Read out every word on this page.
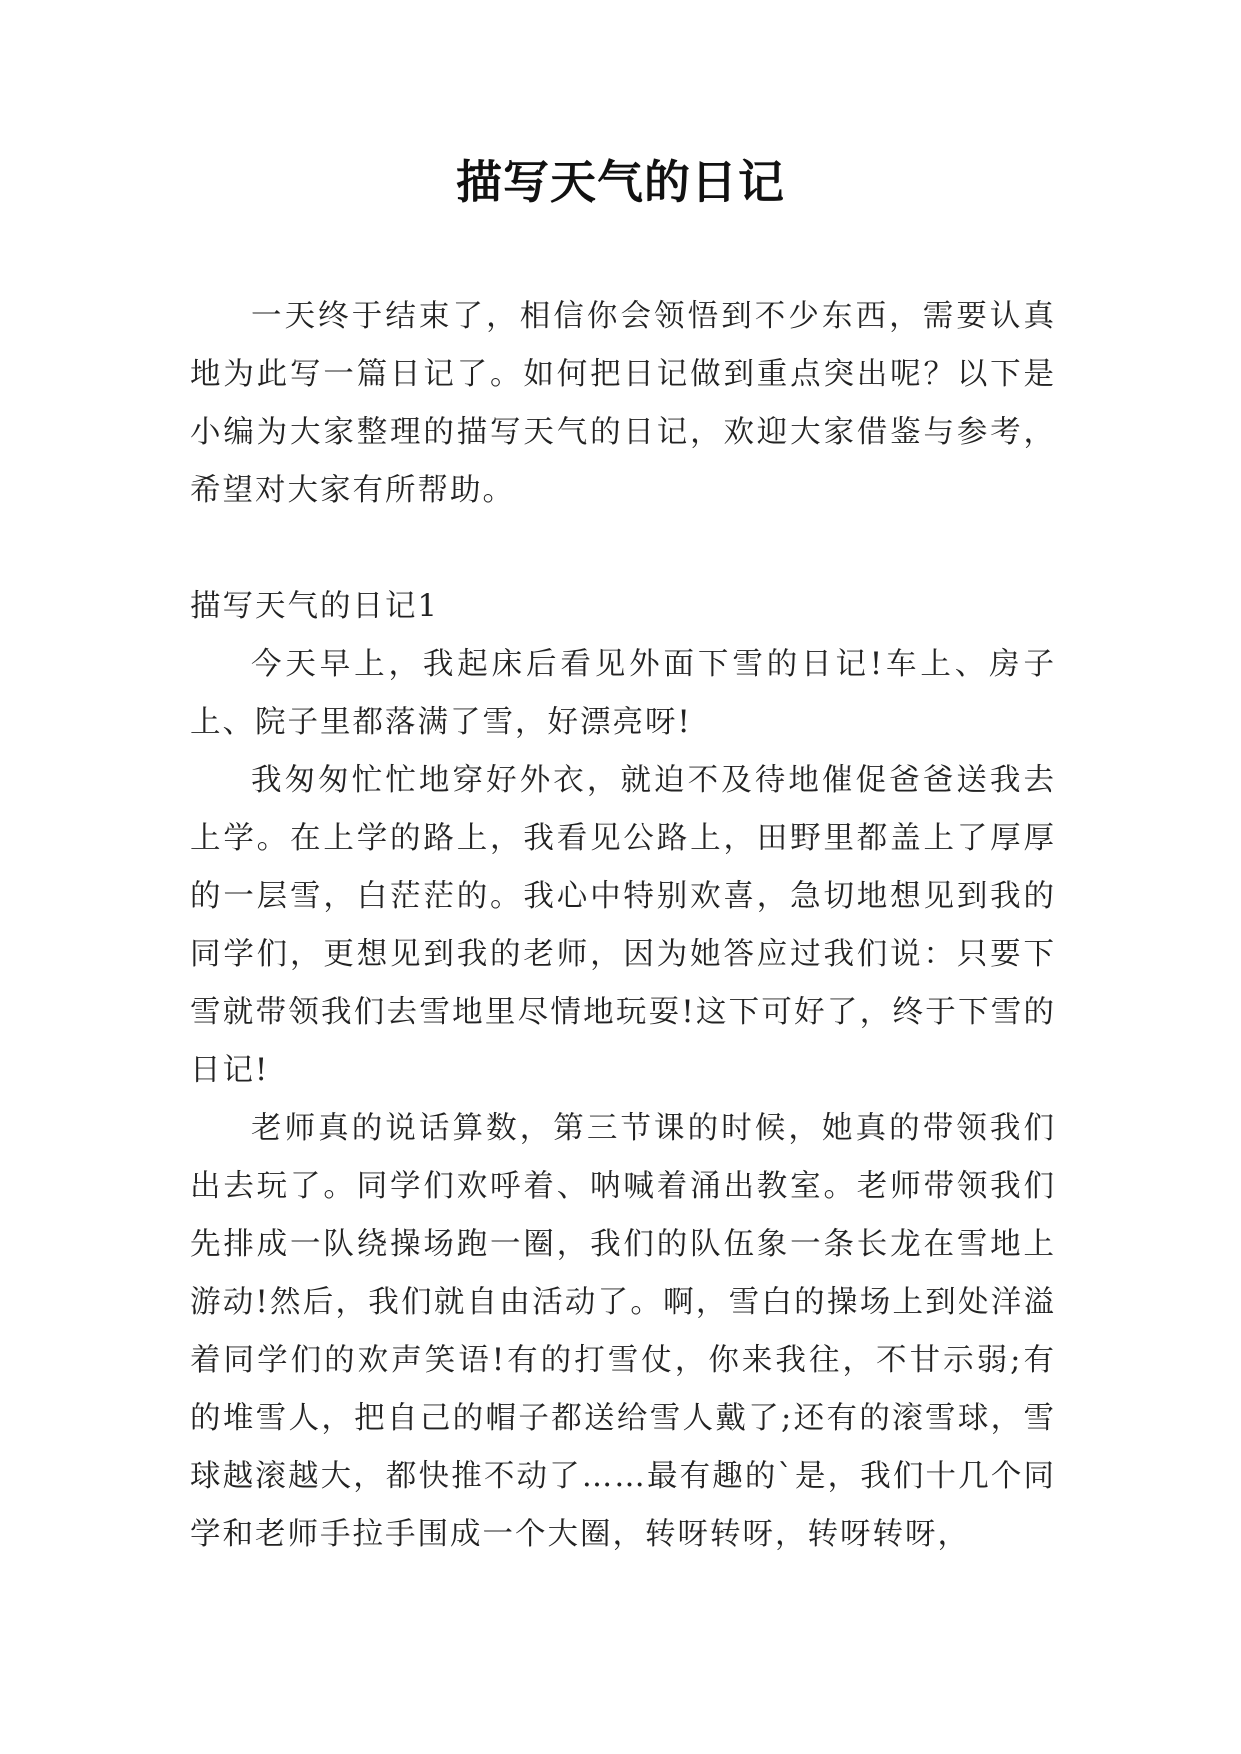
描写天气的日记

一天终于结束了，相信你会领悟到不少东西，需要认真地为此写一篇日记了。如何把日记做到重点突出呢？以下是小编为大家整理的描写天气的日记，欢迎大家借鉴与参考，希望对大家有所帮助。

描写天气的日记1

今天早上，我起床后看见外面下雪的日记!车上、房子上、院子里都落满了雪，好漂亮呀!

我匆匆忙忙地穿好外衣，就迫不及待地催促爸爸送我去上学。在上学的路上，我看见公路上，田野里都盖上了厚厚的一层雪，白茫茫的。我心中特别欢喜，急切地想见到我的同学们，更想见到我的老师，因为她答应过我们说：只要下雪就带领我们去雪地里尽情地玩耍!这下可好了，终于下雪的日记!

老师真的说话算数，第三节课的时候，她真的带领我们出去玩了。同学们欢呼着、呐喊着涌出教室。老师带领我们先排成一队绕操场跑一圈，我们的队伍象一条长龙在雪地上游动!然后，我们就自由活动了。啊，雪白的操场上到处洋溢着同学们的欢声笑语!有的打雪仗，你来我往，不甘示弱;有的堆雪人，把自己的帽子都送给雪人戴了;还有的滚雪球，雪球越滚越大，都快推不动了……最有趣的`是，我们十几个同学和老师手拉手围成一个大圈，转呀转呀，转呀转呀，
